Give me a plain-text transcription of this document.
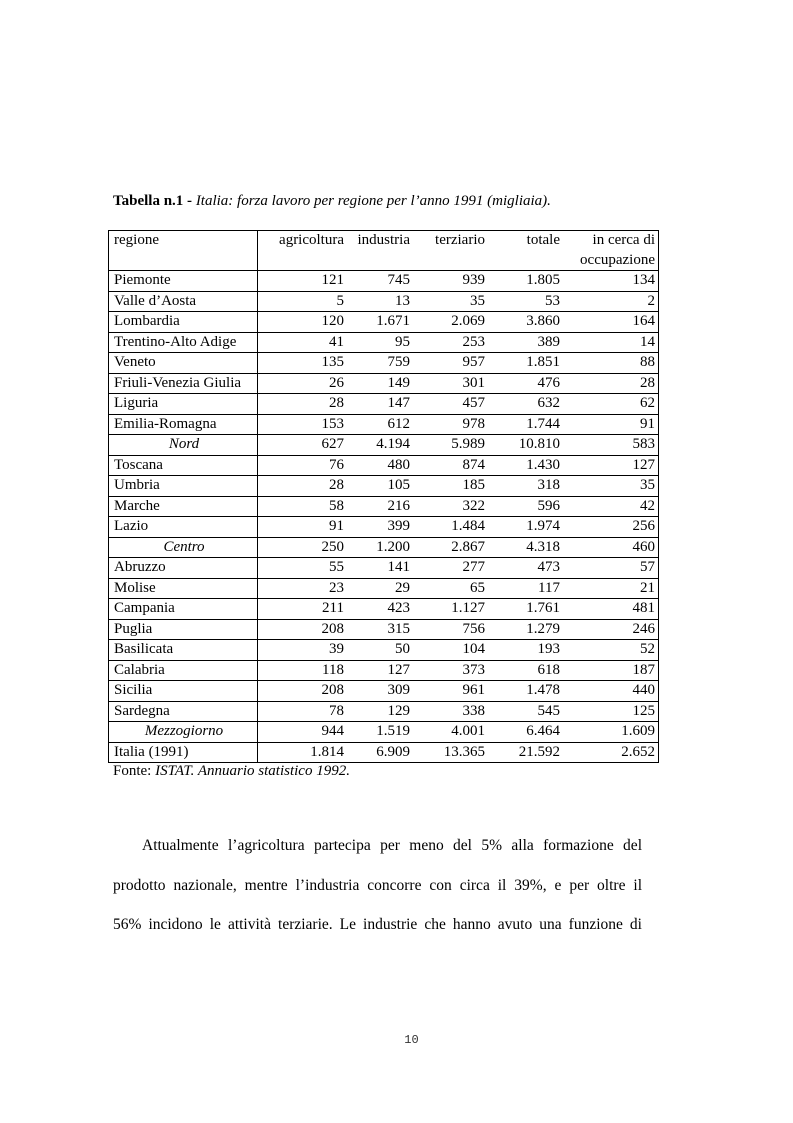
Tabella n.1 - Italia: forza lavoro per regione per l’anno 1991 (migliaia).
regione	agricoltura	industria	terziario	totale	in cerca di
occupazione

Piemonte	121	745	939	1.805	134
Valle d’Aosta	5	13	35	53	2
Lombardia	120	1.671	2.069	3.860	164
Trentino-Alto Adige	41	95	253	389	14
Veneto	135	759	957	1.851	88
Friuli-Venezia Giulia	26	149	301	476	28
Liguria	28	147	457	632	62
Emilia-Romagna	153	612	978	1.744	91
Nord	627	4.194	5.989	10.810	583
Toscana	76	480	874	1.430	127
Umbria	28	105	185	318	35
Marche	58	216	322	596	42
Lazio	91	399	1.484	1.974	256
Centro	250	1.200	2.867	4.318	460
Abruzzo	55	141	277	473	57
Molise	23	29	65	117	21
Campania	211	423	1.127	1.761	481
Puglia	208	315	756	1.279	246
Basilicata	39	50	104	193	52
Calabria	118	127	373	618	187
Sicilia	208	309	961	1.478	440
Sardegna	78	129	338	545	125
Mezzogiorno	944	1.519	4.001	6.464	1.609
Italia (1991)	1.814	6.909	13.365	21.592	2.652
Fonte: ISTAT. Annuario statistico 1992.
Attualmente l’agricoltura partecipa per meno del 5% alla formazione del
prodotto nazionale, mentre l’industria concorre con circa il 39%, e per oltre il
56% incidono le attività terziarie. Le industrie che hanno avuto una funzione di
10
